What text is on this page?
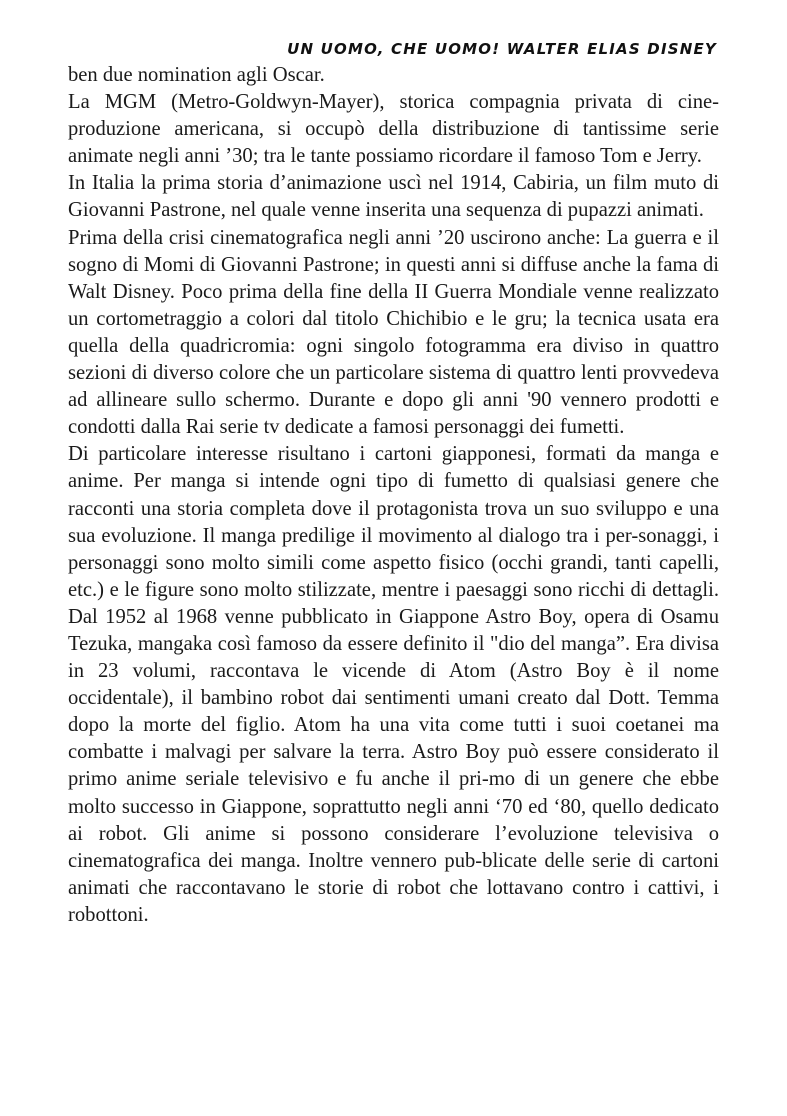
UN UOMO, CHE UOMO! WALTER ELIAS DISNEY

ben due nomination agli Oscar.

La MGM (Metro-Goldwyn-Mayer), storica compagnia privata di cine-produzione americana, si occupò della distribuzione di tantissime serie animate negli anni ’30; tra le tante possiamo ricordare il famoso Tom e Jerry.

In Italia la prima storia d’animazione uscì nel 1914, Cabiria, un film muto di Giovanni Pastrone, nel quale venne inserita una sequenza di pupazzi animati.

Prima della crisi cinematografica negli anni ’20 uscirono anche: La guerra e il sogno di Momi di Giovanni Pastrone; in questi anni si diffuse anche la fama di Walt Disney. Poco prima della fine della II Guerra Mondiale venne realizzato un cortometraggio a colori dal titolo Chichibio e le gru; la tecnica usata era quella della quadricromia: ogni singolo fotogramma era diviso in quattro sezioni di diverso colore che un particolare sistema di quattro lenti provvedeva ad allineare sullo schermo. Durante e dopo gli anni '90 vennero prodotti e condotti dalla Rai serie tv dedicate a famosi personaggi dei fumetti.

Di particolare interesse risultano i cartoni giapponesi, formati da manga e anime. Per manga si intende ogni tipo di fumetto di qualsiasi genere che racconti una storia completa dove il protagonista trova un suo sviluppo e una sua evoluzione. Il manga predilige il movimento al dialogo tra i per-sonaggi, i personaggi sono molto simili come aspetto fisico (occhi grandi, tanti capelli, etc.) e le figure sono molto stilizzate, mentre i paesaggi sono ricchi di dettagli. Dal 1952 al 1968 venne pubblicato in Giappone Astro Boy, opera di Osamu Tezuka, mangaka così famoso da essere definito il "dio del manga”. Era divisa in 23 volumi, raccontava le vicende di Atom (Astro Boy è il nome occidentale), il bambino robot dai sentimenti umani creato dal Dott. Temma dopo la morte del figlio. Atom ha una vita come tutti i suoi coetanei ma combatte i malvagi per salvare la terra. Astro Boy può essere considerato il primo anime seriale televisivo e fu anche il pri-mo di un genere che ebbe molto successo in Giappone, soprattutto negli anni ‘70 ed ‘80, quello dedicato ai robot. Gli anime si possono considerare l’evoluzione televisiva o cinematografica dei manga. Inoltre vennero pub-blicate delle serie di cartoni animati che raccontavano le storie di robot che lottavano contro i cattivi, i robottoni.
